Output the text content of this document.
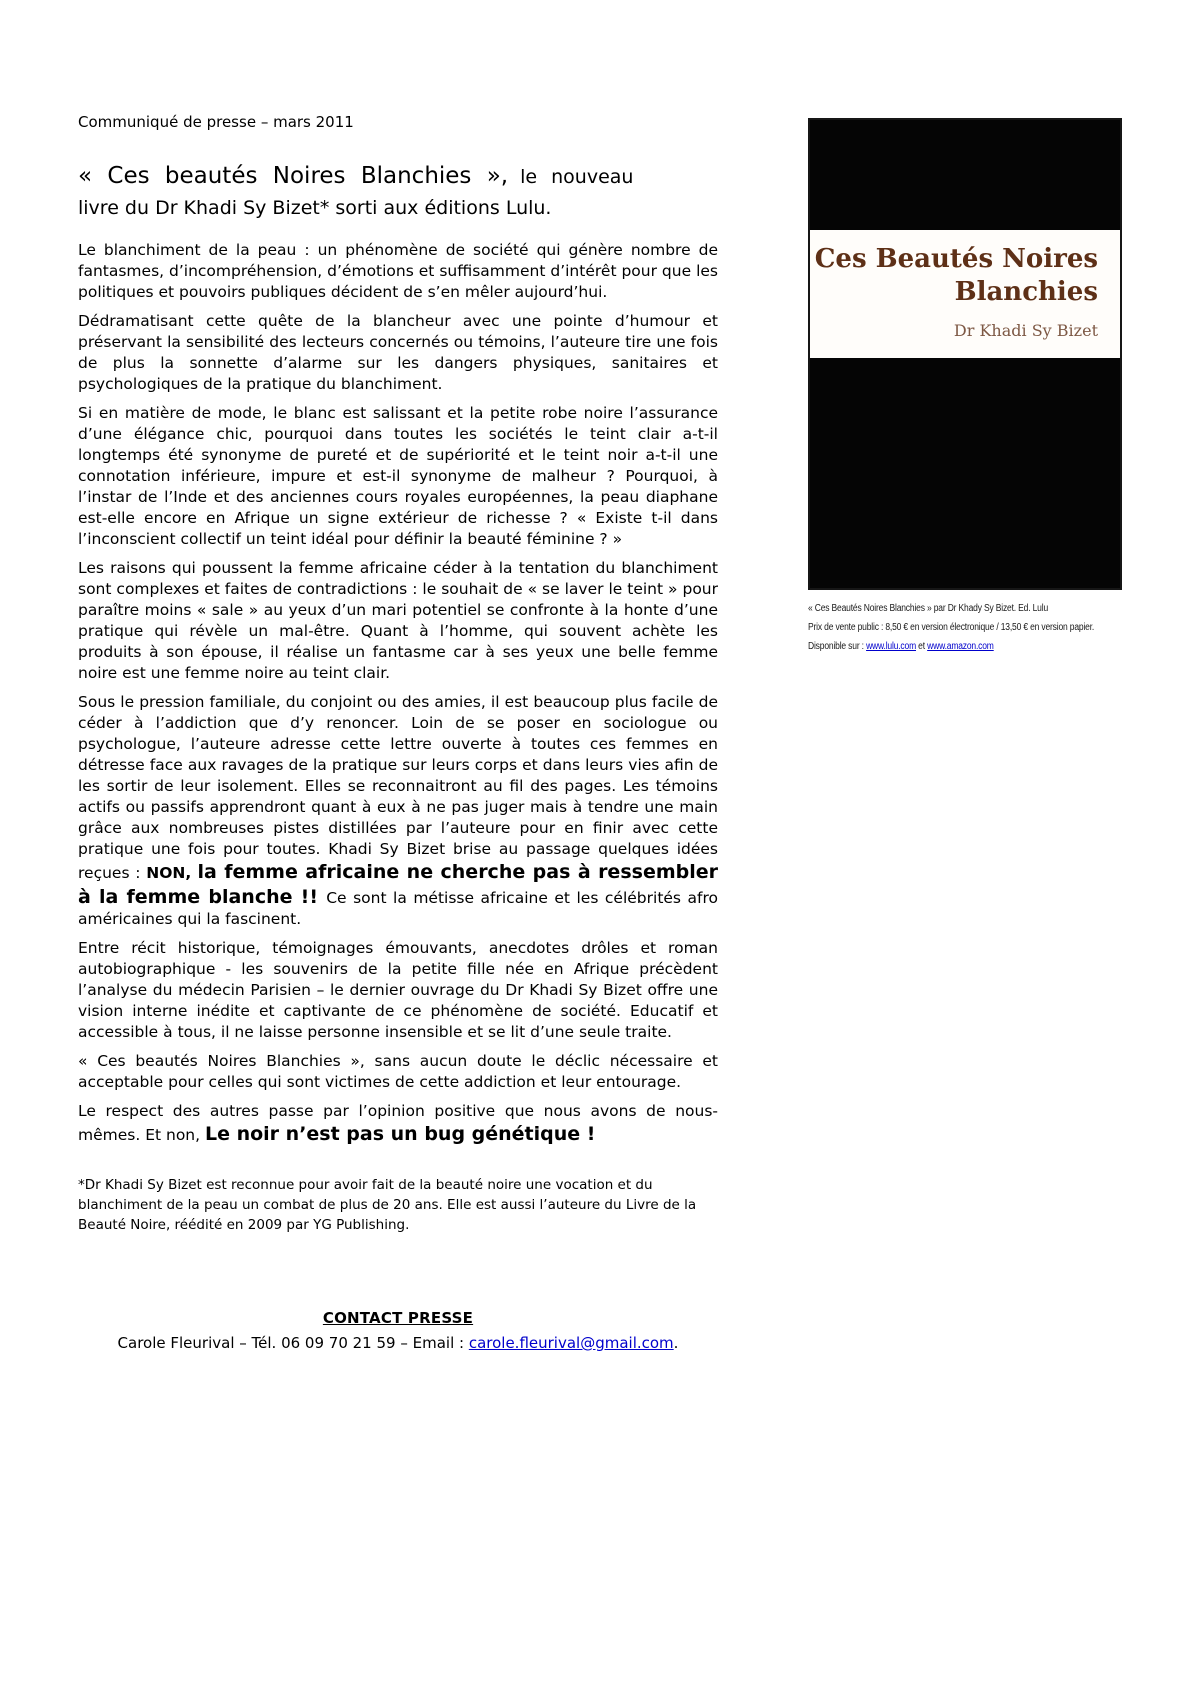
Communiqué de presse – mars 2011
« Ces beautés Noires Blanchies », le nouveau
livre du Dr Khadi Sy Bizet* sorti aux éditions Lulu.

Le blanchiment de la peau : un phénomène de société qui génère nombre de fantasmes, d’incompréhension, d’émotions et suffisamment d’intérêt pour que les politiques et pouvoirs publiques décident de s’en mêler aujourd’hui.

Dédramatisant cette quête de la blancheur avec une pointe d’humour et préservant la sensibilité des lecteurs concernés ou témoins, l’auteure tire une fois de plus la sonnette d’alarme sur les dangers physiques, sanitaires et psychologiques de la pratique du blanchiment.

Si en matière de mode, le blanc est salissant et la petite robe noire l’assurance d’une élégance chic, pourquoi dans toutes les sociétés le teint clair a-t-il longtemps été synonyme de pureté et de supériorité et le teint noir a-t-il une connotation inférieure, impure et est-il synonyme de malheur ? Pourquoi, à l’instar de l’Inde et des anciennes cours royales européennes, la peau diaphane est-elle encore en Afrique un signe extérieur de richesse ? « Existe t-il dans l’inconscient collectif un teint idéal pour définir la beauté féminine ? »

Les raisons qui poussent la femme africaine céder à la tentation du blanchiment sont complexes et faites de contradictions : le souhait de « se laver le teint » pour paraître moins « sale » au yeux d’un mari potentiel se confronte à la honte d’une pratique qui révèle un mal-être. Quant à l’homme, qui souvent achète les produits à son épouse, il réalise un fantasme car à ses yeux une belle femme noire est une femme noire au teint clair.

Sous le pression familiale, du conjoint ou des amies, il est beaucoup plus facile de céder à l’addiction que d’y renoncer. Loin de se poser en sociologue ou psychologue, l’auteure adresse cette lettre ouverte à toutes ces femmes en détresse face aux ravages de la pratique sur leurs corps et dans leurs vies afin de les sortir de leur isolement. Elles se reconnaitront au fil des pages. Les témoins actifs ou passifs apprendront quant à eux à ne pas juger mais à tendre une main grâce aux nombreuses pistes distillées par l’auteure pour en finir avec cette pratique une fois pour toutes. Khadi Sy Bizet brise au passage quelques idées reçues : NON, la femme africaine ne cherche pas à ressembler à la femme blanche !! Ce sont la métisse africaine et les célébrités afro américaines qui la fascinent.

Entre récit historique, témoignages émouvants, anecdotes drôles et roman autobiographique - les souvenirs de la petite fille née en Afrique précèdent l’analyse du médecin Parisien – le dernier ouvrage du Dr Khadi Sy Bizet offre une vision interne inédite et captivante de ce phénomène de société. Educatif et accessible à tous, il ne laisse personne insensible et se lit d’une seule traite.

« Ces beautés Noires Blanchies », sans aucun doute le déclic nécessaire et acceptable pour celles qui sont victimes de cette addiction et leur entourage.

Le respect des autres passe par l’opinion positive que nous avons de nous-mêmes. Et non, Le noir n’est pas un bug génétique !

*Dr Khadi Sy Bizet est reconnue pour avoir fait de la beauté noire une vocation et du blanchiment de la peau un combat de plus de 20 ans. Elle est aussi l’auteure du Livre de la Beauté Noire, réédité en 2009 par YG Publishing.
CONTACT PRESSE
Carole Fleurival – Tél. 06 09 70 21 59 – Email : carole.fleurival@gmail.com.
Ces Beautés Noires
Blanchies
Dr Khadi Sy Bizet
« Ces Beautés Noires Blanchies » par Dr Khady Sy Bizet. Ed. Lulu
Prix de vente public : 8,50 € en version électronique / 13,50 € en version papier.
Disponible sur : www.lulu.com et www.amazon.com
